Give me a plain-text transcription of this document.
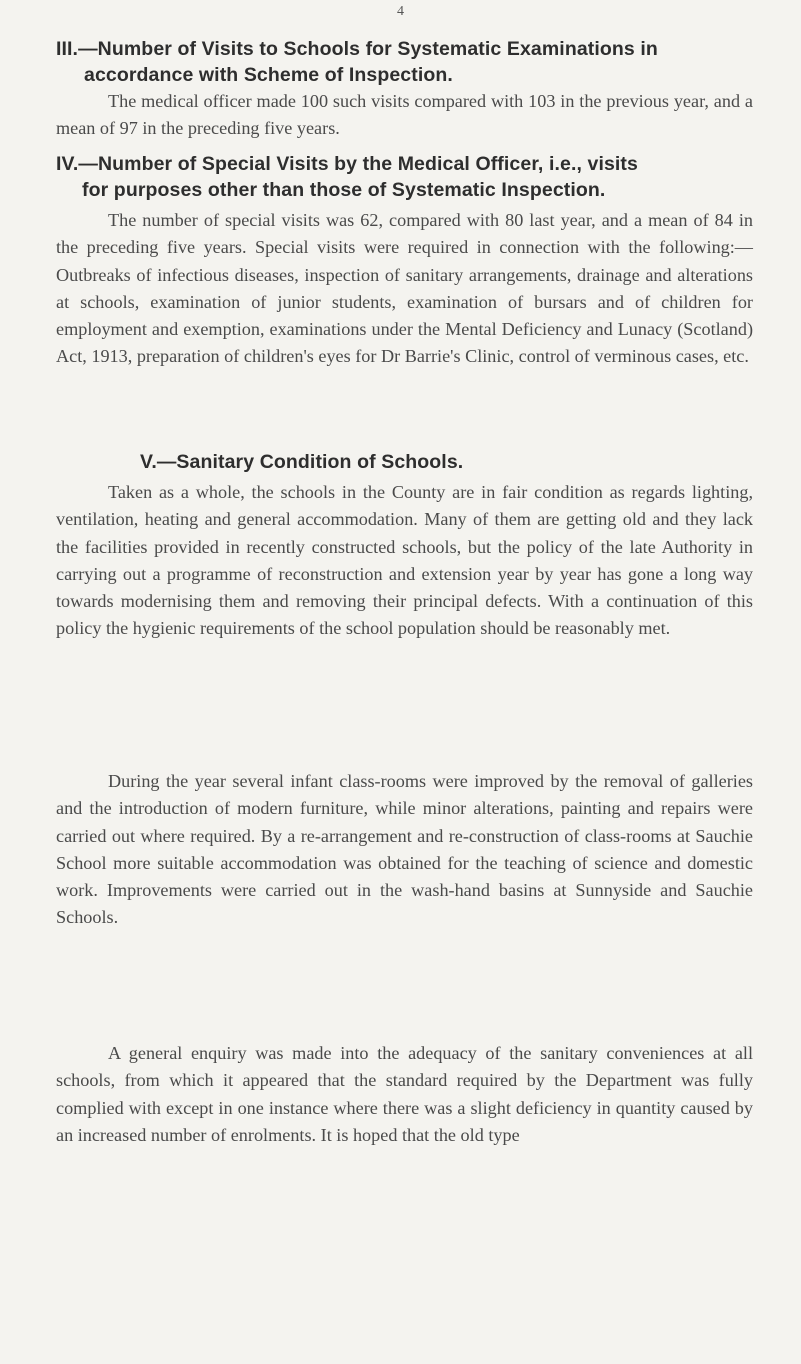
4
III.—Number of Visits to Schools for Systematic Examinations in
accordance with Scheme of Inspection.

The medical officer made 100 such visits compared with 103 in the previous year, and a mean of 97 in the preceding five years.

IV.—Number of Special Visits by the Medical Officer, i.e., visits
for purposes other than those of Systematic Inspection.

The number of special visits was 62, compared with 80 last year, and a mean of 84 in the preceding five years. Special visits were required in connection with the following:—Outbreaks of infectious diseases, inspection of sanitary arrangements, drainage and alterations at schools, examination of junior students, examination of bursars and of children for employment and exemption, examinations under the Mental Deficiency and Lunacy (Scotland) Act, 1913, preparation of children's eyes for Dr Barrie's Clinic, control of verminous cases, etc.

V.—Sanitary Condition of Schools.

Taken as a whole, the schools in the County are in fair condition as regards lighting, ventilation, heating and general accommodation. Many of them are getting old and they lack the facilities provided in recently constructed schools, but the policy of the late Authority in carrying out a programme of reconstruction and extension year by year has gone a long way towards modernising them and removing their principal defects. With a continuation of this policy the hygienic requirements of the school population should be reasonably met.

During the year several infant class-rooms were improved by the removal of galleries and the introduction of modern furniture, while minor alterations, painting and repairs were carried out where required. By a re-arrangement and re-construction of class-rooms at Sauchie School more suitable accommodation was obtained for the teaching of science and domestic work. Improvements were carried out in the wash-hand basins at Sunnyside and Sauchie Schools.

A general enquiry was made into the adequacy of the sanitary conveniences at all schools, from which it appeared that the standard required by the Department was fully complied with except in one instance where there was a slight deficiency in quantity caused by an increased number of enrolments. It is hoped that the old type
